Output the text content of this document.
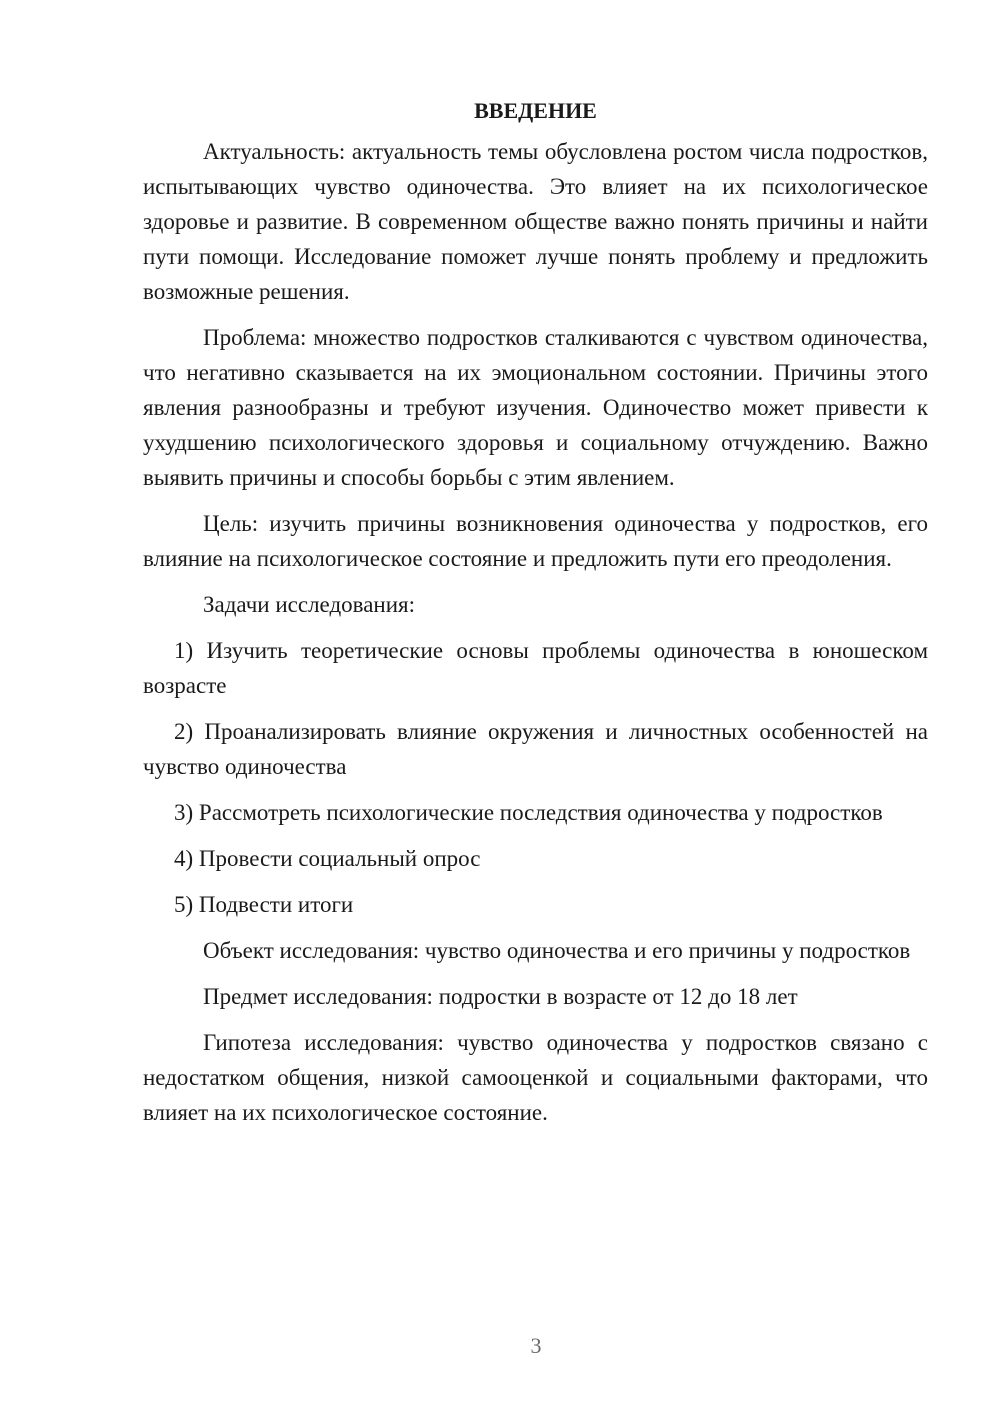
ВВЕДЕНИЕ

Актуальность: актуальность темы обусловлена ростом числа подростков, испытывающих чувство одиночества. Это влияет на их психологическое здоровье и развитие. В современном обществе важно понять причины и найти пути помощи. Исследование поможет лучше понять проблему и предложить возможные решения.

Проблема: множество подростков сталкиваются с чувством одиночества, что негативно сказывается на их эмоциональном состоянии. Причины этого явления разнообразны и требуют изучения. Одиночество может привести к ухудшению психологического здоровья и социальному отчуждению. Важно выявить причины и способы борьбы с этим явлением.

Цель: изучить причины возникновения одиночества у подростков, его влияние на психологическое состояние и предложить пути его преодоления.

Задачи исследования:

1) Изучить теоретические основы проблемы одиночества в юношеском возрасте

2) Проанализировать влияние окружения и личностных особенностей на чувство одиночества

3) Рассмотреть психологические последствия одиночества у подростков

4) Провести социальный опрос

5) Подвести итоги

Объект исследования: чувство одиночества и его причины у подростков

Предмет исследования: подростки в возрасте от 12 до 18 лет

Гипотеза исследования: чувство одиночества у подростков связано с недостатком общения, низкой самооценкой и социальными факторами, что влияет на их психологическое состояние.

3
